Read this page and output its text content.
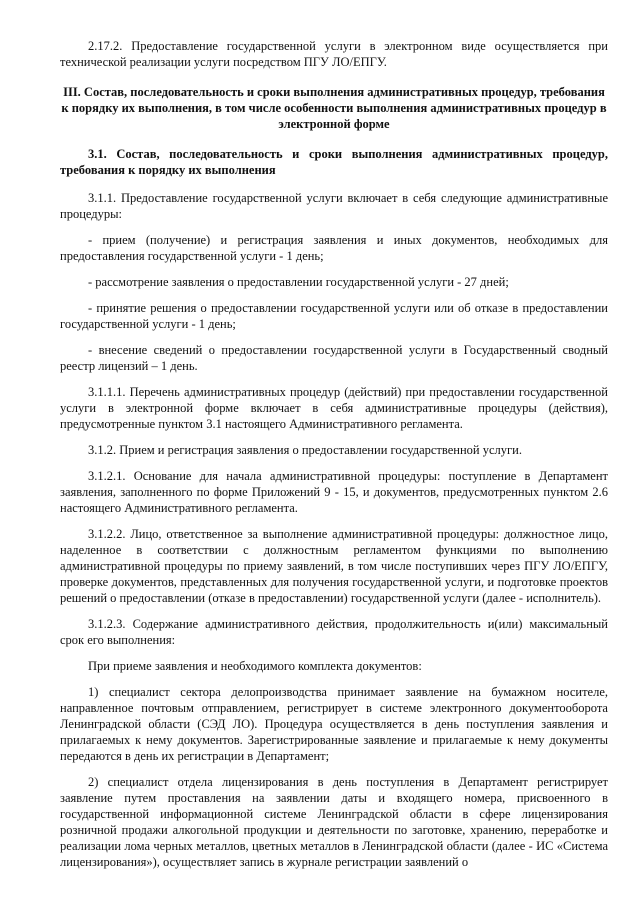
2.17.2. Предоставление государственной услуги в электронном виде осуществляется при технической реализации услуги посредством ПГУ ЛО/ЕПГУ.

III. Состав, последовательность и сроки выполнения административных процедур, требования к порядку их выполнения, в том числе особенности выполнения административных процедур в электронной форме

3.1. Состав, последовательность и сроки выполнения административных процедур, требования к порядку их выполнения

3.1.1. Предоставление государственной услуги включает в себя следующие административные процедуры:

- прием (получение) и регистрация заявления и иных документов, необходимых для предоставления государственной услуги - 1 день;

- рассмотрение заявления о предоставлении государственной услуги - 27 дней;

- принятие решения о предоставлении государственной услуги или об отказе в предоставлении государственной услуги - 1 день;

- внесение сведений о предоставлении государственной услуги в Государственный сводный реестр лицензий – 1 день.

3.1.1.1. Перечень административных процедур (действий) при предоставлении государственной услуги в электронной форме включает в себя административные процедуры (действия), предусмотренные пунктом 3.1 настоящего Административного регламента.

3.1.2. Прием и регистрация заявления о предоставлении государственной услуги.

3.1.2.1. Основание для начала административной процедуры: поступление в Департамент заявления, заполненного по форме Приложений 9 - 15, и документов, предусмотренных пунктом 2.6 настоящего Административного регламента.

3.1.2.2. Лицо, ответственное за выполнение административной процедуры: должностное лицо, наделенное в соответствии с должностным регламентом функциями по выполнению административной процедуры по приему заявлений, в том числе поступивших через ПГУ ЛО/ЕПГУ, проверке документов, представленных для получения государственной услуги, и подготовке проектов решений о предоставлении (отказе в предоставлении) государственной услуги (далее - исполнитель).

3.1.2.3. Содержание административного действия, продолжительность и(или) максимальный срок его выполнения:

При приеме заявления и необходимого комплекта документов:

1) специалист сектора делопроизводства принимает заявление на бумажном носителе, направленное почтовым отправлением, регистрирует в системе электронного документооборота Ленинградской области (СЭД ЛО). Процедура осуществляется в день поступления заявления и прилагаемых к нему документов. Зарегистрированные заявление и прилагаемые к нему документы передаются в день их регистрации в Департамент;

2) специалист отдела лицензирования в день поступления в Департамент регистрирует заявление путем проставления на заявлении даты и входящего номера, присвоенного в государственной информационной системе Ленинградской области в сфере лицензирования розничной продажи алкогольной продукции и деятельности по заготовке, хранению, переработке и реализации лома черных металлов, цветных металлов в Ленинградской области (далее - ИС «Система лицензирования»), осуществляет запись в журнале регистрации заявлений о
